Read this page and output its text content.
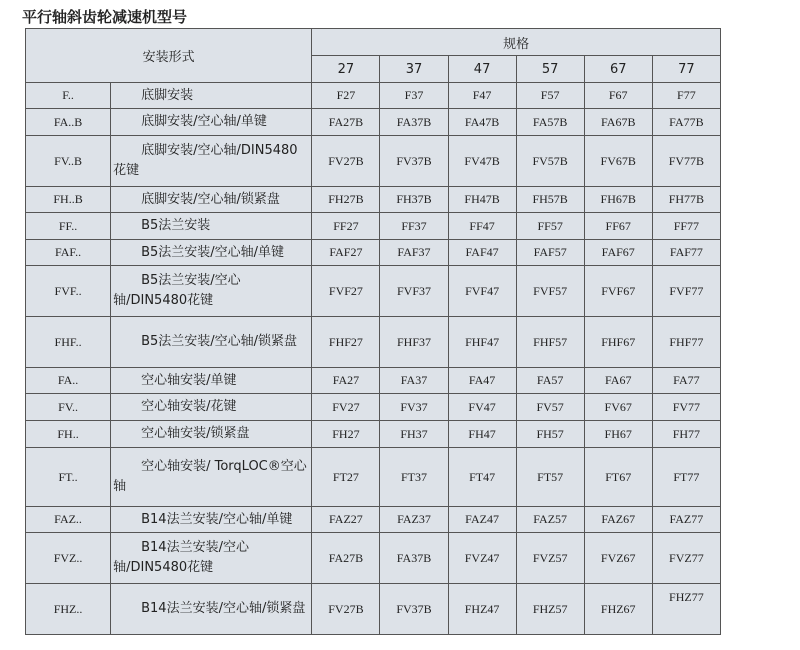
平行轴斜齿轮减速机型号
安装形式		规格					
		27	37	47	57	67	77
F..	底脚安装	F27	F37	F47	F57	F67	F77
FA..B	底脚安装/空心轴/单键	FA27B	FA37B	FA47B	FA57B	FA67B	FA77B
FV..B	底脚安装/空心轴/DIN5480花键	FV27B	FV37B	FV47B	FV57B	FV67B	FV77B
FH..B	底脚安装/空心轴/锁紧盘	FH27B	FH37B	FH47B	FH57B	FH67B	FH77B
FF..	B5法兰安装	FF27	FF37	FF47	FF57	FF67	FF77
FAF..	B5法兰安装/空心轴/单键	FAF27	FAF37	FAF47	FAF57	FAF67	FAF77
FVF..	B5法兰安装/空心轴/DIN5480花键	FVF27	FVF37	FVF47	FVF57	FVF67	FVF77
FHF..	B5法兰安装/空心轴/锁紧盘	FHF27	FHF37	FHF47	FHF57	FHF67	FHF77
FA..	空心轴安装/单键	FA27	FA37	FA47	FA57	FA67	FA77
FV..	空心轴安装/花键	FV27	FV37	FV47	FV57	FV67	FV77
FH..	空心轴安装/锁紧盘	FH27	FH37	FH47	FH57	FH67	FH77
FT..	空心轴安装/ TorqLOC®空心轴	FT27	FT37	FT47	FT57	FT67	FT77
FAZ..	B14法兰安装/空心轴/单键	FAZ27	FAZ37	FAZ47	FAZ57	FAZ67	FAZ77
FVZ..	B14法兰安装/空心轴/DIN5480花键	FA27B	FA37B	FVZ47	FVZ57	FVZ67	FVZ77
FHZ..	B14法兰安装/空心轴/锁紧盘	FV27B	FV37B	FHZ47	FHZ57	FHZ67	FHZ77
